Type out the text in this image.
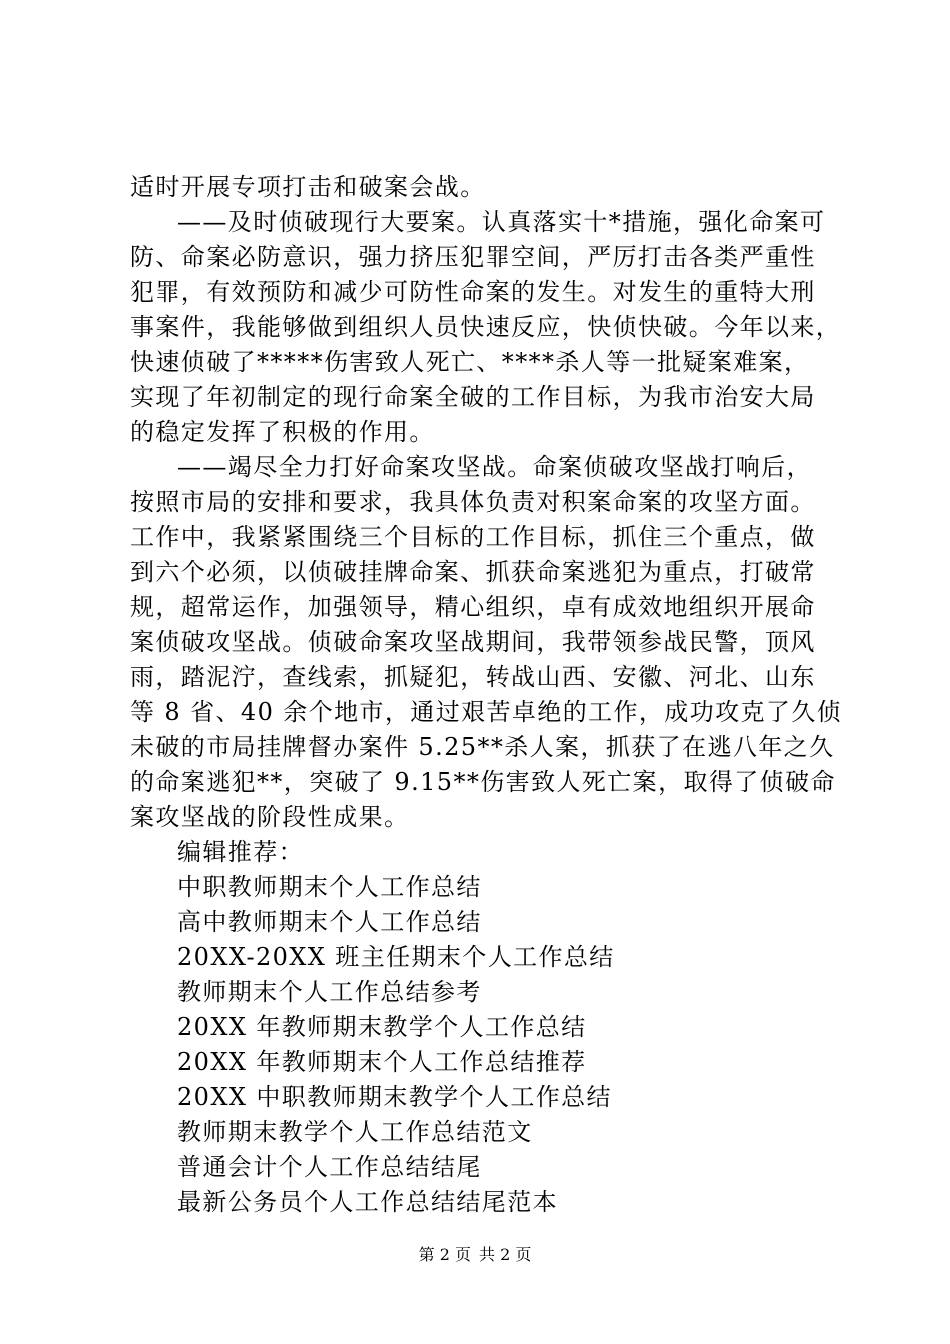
适时开展专项打击和破案会战。
——及时侦破现行大要案。认真落实十*措施，强化命案可
防、命案必防意识，强力挤压犯罪空间，严厉打击各类严重性
犯罪，有效预防和减少可防性命案的发生。对发生的重特大刑
事案件，我能够做到组织人员快速反应，快侦快破。今年以来，
快速侦破了*****伤害致人死亡、****杀人等一批疑案难案，
实现了年初制定的现行命案全破的工作目标，为我市治安大局
的稳定发挥了积极的作用。
——竭尽全力打好命案攻坚战。命案侦破攻坚战打响后，
按照市局的安排和要求，我具体负责对积案命案的攻坚方面。
工作中，我紧紧围绕三个目标的工作目标，抓住三个重点，做
到六个必须，以侦破挂牌命案、抓获命案逃犯为重点，打破常
规，超常运作，加强领导，精心组织，卓有成效地组织开展命
案侦破攻坚战。侦破命案攻坚战期间，我带领参战民警，顶风
雨，踏泥泞，查线索，抓疑犯，转战山西、安徽、河北、山东
等 8 省、40 余个地市，通过艰苦卓绝的工作，成功攻克了久侦
未破的市局挂牌督办案件 5.25**杀人案，抓获了在逃八年之久
的命案逃犯**，突破了 9.15**伤害致人死亡案，取得了侦破命
案攻坚战的阶段性成果。
编辑推荐：
中职教师期末个人工作总结
高中教师期末个人工作总结
20XX-20XX 班主任期末个人工作总结
教师期末个人工作总结参考
20XX 年教师期末教学个人工作总结
20XX 年教师期末个人工作总结推荐
20XX 中职教师期末教学个人工作总结
教师期末教学个人工作总结范文
普通会计个人工作总结结尾
最新公务员个人工作总结结尾范本
第 2 页 共 2 页
